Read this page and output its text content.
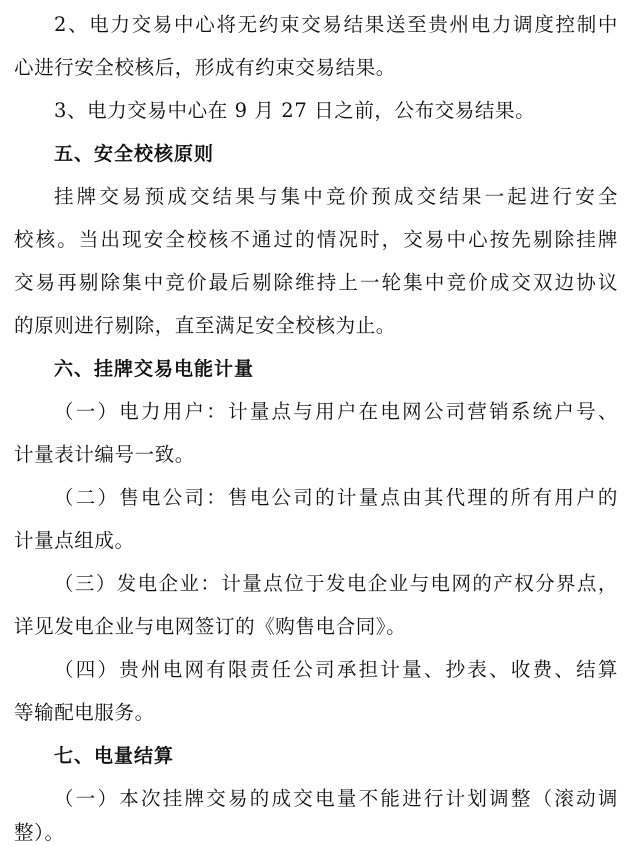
2、电力交易中心将无约束交易结果送至贵州电力调度控制中
心进行安全校核后，形成有约束交易结果。
3、电力交易中心在 9 月 27 日之前，公布交易结果。
五、安全校核原则
挂牌交易预成交结果与集中竞价预成交结果一起进行安全
校核。当出现安全校核不通过的情况时，交易中心按先剔除挂牌
交易再剔除集中竞价最后剔除维持上一轮集中竞价成交双边协议
的原则进行剔除，直至满足安全校核为止。
六、挂牌交易电能计量
（一）电力用户：计量点与用户在电网公司营销系统户号、
计量表计编号一致。
（二）售电公司：售电公司的计量点由其代理的所有用户的
计量点组成。
（三）发电企业：计量点位于发电企业与电网的产权分界点，
详见发电企业与电网签订的《购售电合同》。
（四）贵州电网有限责任公司承担计量、抄表、收费、结算
等输配电服务。
七、电量结算
（一）本次挂牌交易的成交电量不能进行计划调整（滚动调
整）。
